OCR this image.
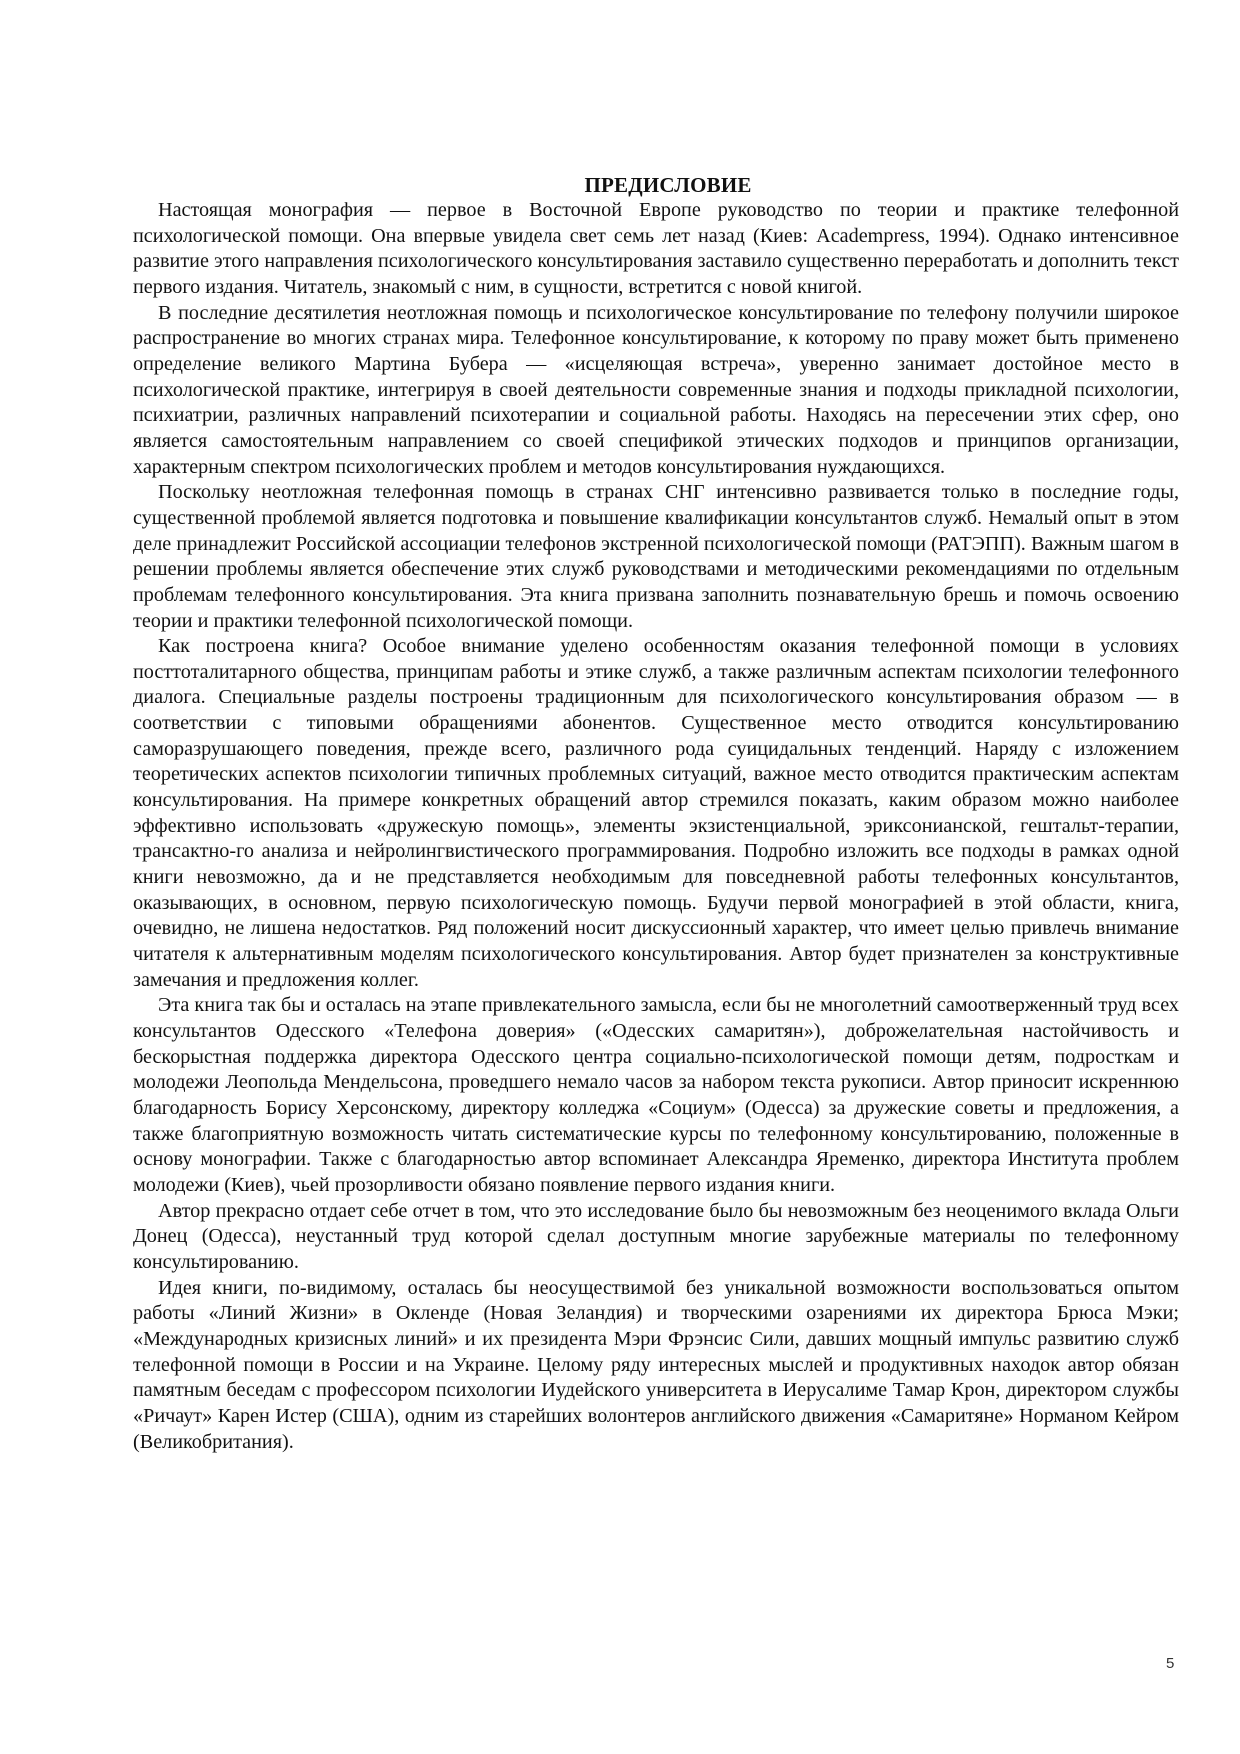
ПРЕДИСЛОВИЕ

Настоящая монография — первое в Восточной Европе руководство по теории и практике телефонной психологической помощи. Она впервые увидела свет семь лет назад (Киев: Academpress, 1994). Однако интенсивное развитие этого направления психологического консультирования заставило существенно переработать и дополнить текст первого издания. Читатель, знакомый с ним, в сущности, встретится с новой книгой.

В последние десятилетия неотложная помощь и психологическое консультирование по телефону получили широкое распространение во многих странах мира. Телефонное консультирование, к которому по праву может быть применено определение великого Мартина Бубера — «исцеляющая встреча», уверенно занимает достойное место в психологической практике, интегрируя в своей деятельности современные знания и подходы прикладной психологии, психиатрии, различных направлений психотерапии и социальной работы. Находясь на пересечении этих сфер, оно является самостоятельным направлением со своей спецификой этических подходов и принципов организации, характерным спектром психологических проблем и методов консультирования нуждающихся.

Поскольку неотложная телефонная помощь в странах СНГ интенсивно развивается только в последние годы, существенной проблемой является подготовка и повышение квалификации консультантов служб. Немалый опыт в этом деле принадлежит Российской ассоциации телефонов экстренной психологической помощи (РАТЭПП). Важным шагом в решении проблемы является обеспечение этих служб руководствами и методическими рекомендациями по отдельным проблемам телефонного консультирования. Эта книга призвана заполнить познавательную брешь и помочь освоению теории и практики телефонной психологической помощи.

Как построена книга? Особое внимание уделено особенностям оказания телефонной помощи в условиях посттоталитарного общества, принципам работы и этике служб, а также различным аспектам психологии телефонного диалога. Специальные разделы построены традиционным для психологического консультирования образом — в соответствии с типовыми обращениями абонентов. Существенное место отводится консультированию саморазрушающего поведения, прежде всего, различного рода суицидальных тенденций. Наряду с изложением теоретических аспектов психологии типичных проблемных ситуаций, важное место отводится практическим аспектам консультирования. На примере конкретных обращений автор стремился показать, каким образом можно наиболее эффективно использовать «дружескую помощь», элементы экзистенциальной, эриксонианской, гештальт-терапии, трансактно-го анализа и нейролингвистического программирования. Подробно изложить все подходы в рамках одной книги невозможно, да и не представляется необходимым для повседневной работы телефонных консультантов, оказывающих, в основном, первую психологическую помощь. Будучи первой монографией в этой области, книга, очевидно, не лишена недостатков. Ряд положений носит дискуссионный характер, что имеет целью привлечь внимание читателя к альтернативным моделям психологического консультирования. Автор будет признателен за конструктивные замечания и предложения коллег.

Эта книга так бы и осталась на этапе привлекательного замысла, если бы не многолетний самоотверженный труд всех консультантов Одесского «Телефона доверия» («Одесских самаритян»), доброжелательная настойчивость и бескорыстная поддержка директора Одесского центра социально-психологической помощи детям, подросткам и молодежи Леопольда Мендельсона, проведшего немало часов за набором текста рукописи. Автор приносит искреннюю благодарность Борису Херсонскому, директору колледжа «Социум» (Одесса) за дружеские советы и предложения, а также благоприятную возможность читать систематические курсы по телефонному консультированию, положенные в основу монографии. Также с благодарностью автор вспоминает Александра Яременко, директора Института проблем молодежи (Киев), чьей прозорливости обязано появление первого издания книги.

Автор прекрасно отдает себе отчет в том, что это исследование было бы невозможным без неоценимого вклада Ольги Донец (Одесса), неустанный труд которой сделал доступным многие зарубежные материалы по телефонному консультированию.

Идея книги, по-видимому, осталась бы неосуществимой без уникальной возможности воспользоваться опытом работы «Линий Жизни» в Окленде (Новая Зеландия) и творческими озарениями их директора Брюса Мэки; «Международных кризисных линий» и их президента Мэри Фрэнсис Сили, давших мощный импульс развитию служб телефонной помощи в России и на Украине. Целому ряду интересных мыслей и продуктивных находок автор обязан памятным беседам с профессором психологии Иудейского университета в Иерусалиме Тамар Крон, директором службы «Ричаут» Карен Истер (США), одним из старейших волонтеров английского движения «Самаритяне» Норманом Кейром (Великобритания).

5
